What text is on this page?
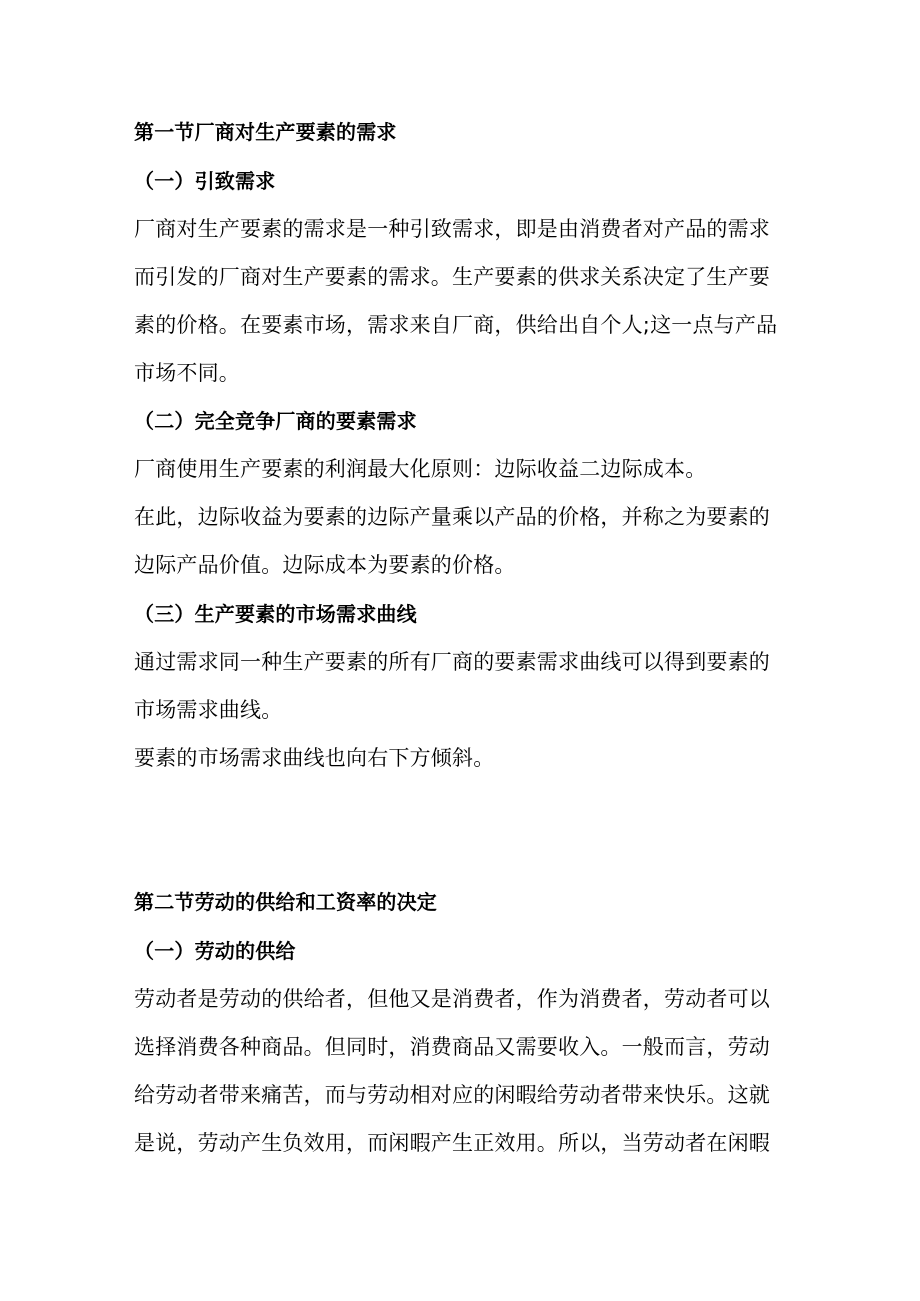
第一节厂商对生产要素的需求

（一）引致需求

厂商对生产要素的需求是一种引致需求，即是由消费者对产品的需求

而引发的厂商对生产要素的需求。生产要素的供求关系决定了生产要

素的价格。在要素市场，需求来自厂商，供给出自个人;这一点与产品

市场不同。

（二）完全竞争厂商的要素需求

厂商使用生产要素的利润最大化原则：边际收益二边际成本。

在此，边际收益为要素的边际产量乘以产品的价格，并称之为要素的

边际产品价值。边际成本为要素的价格。

（三）生产要素的市场需求曲线

通过需求同一种生产要素的所有厂商的要素需求曲线可以得到要素的

市场需求曲线。

要素的市场需求曲线也向右下方倾斜。

第二节劳动的供给和工资率的决定

（一）劳动的供给

劳动者是劳动的供给者，但他又是消费者，作为消费者，劳动者可以

选择消费各种商品。但同时，消费商品又需要收入。一般而言，劳动

给劳动者带来痛苦，而与劳动相对应的闲暇给劳动者带来快乐。这就

是说，劳动产生负效用，而闲暇产生正效用。所以，当劳动者在闲暇
